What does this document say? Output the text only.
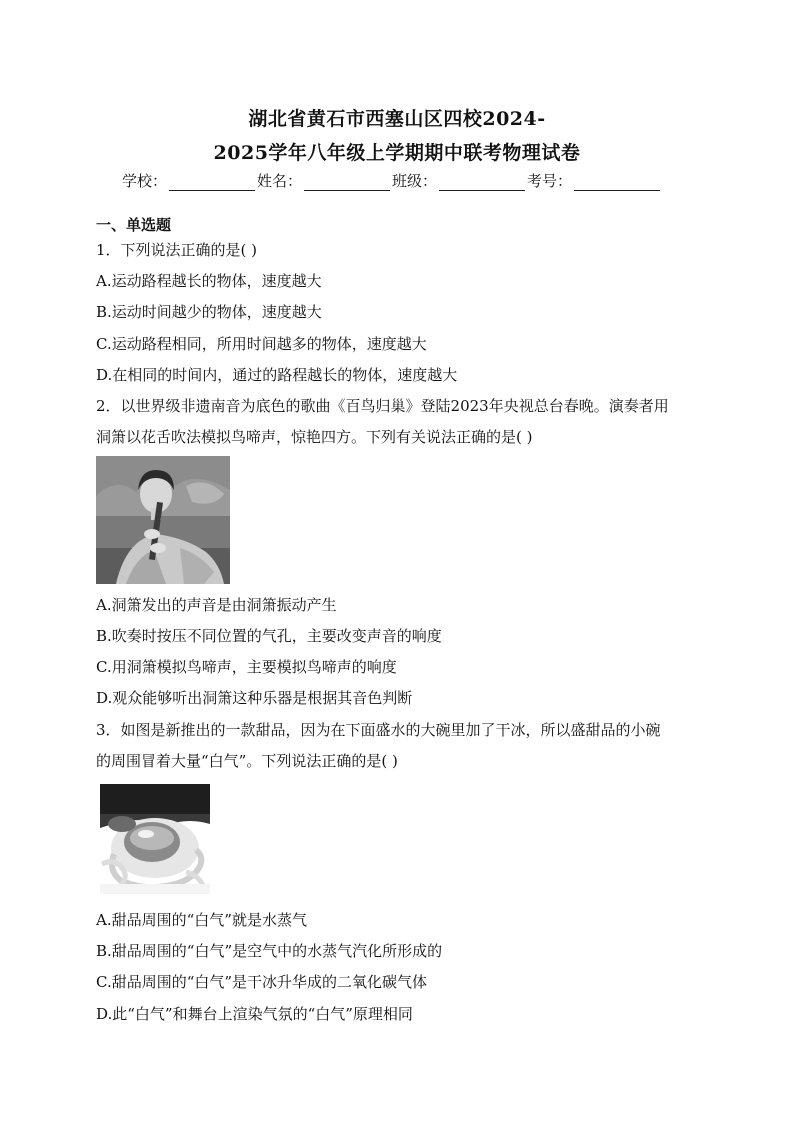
湖北省黄石市西塞山区四校2024-
2025学年八年级上学期期中联考物理试卷
学校：	姓名：	班级：	考号：
一、单选题
1．下列说法正确的是( )
A.运动路程越长的物体，速度越大
B.运动时间越少的物体，速度越大
C.运动路程相同，所用时间越多的物体，速度越大
D.在相同的时间内，通过的路程越长的物体，速度越大
2．以世界级非遗南音为底色的歌曲《百鸟归巢》登陆2023年央视总台春晚。演奏者用
洞箫以花舌吹法模拟鸟啼声，惊艳四方。下列有关说法正确的是( )
A.洞箫发出的声音是由洞箫振动产生
B.吹奏时按压不同位置的气孔，主要改变声音的响度
C.用洞箫模拟鸟啼声，主要模拟鸟啼声的响度
D.观众能够听出洞箫这种乐器是根据其音色判断
3．如图是新推出的一款甜品，因为在下面盛水的大碗里加了干冰，所以盛甜品的小碗
的周围冒着大量“白气”。下列说法正确的是( )
A.甜品周围的“白气”就是水蒸气
B.甜品周围的“白气”是空气中的水蒸气汽化所形成的
C.甜品周围的“白气”是干冰升华成的二氧化碳气体
D.此“白气”和舞台上渲染气氛的“白气”原理相同
